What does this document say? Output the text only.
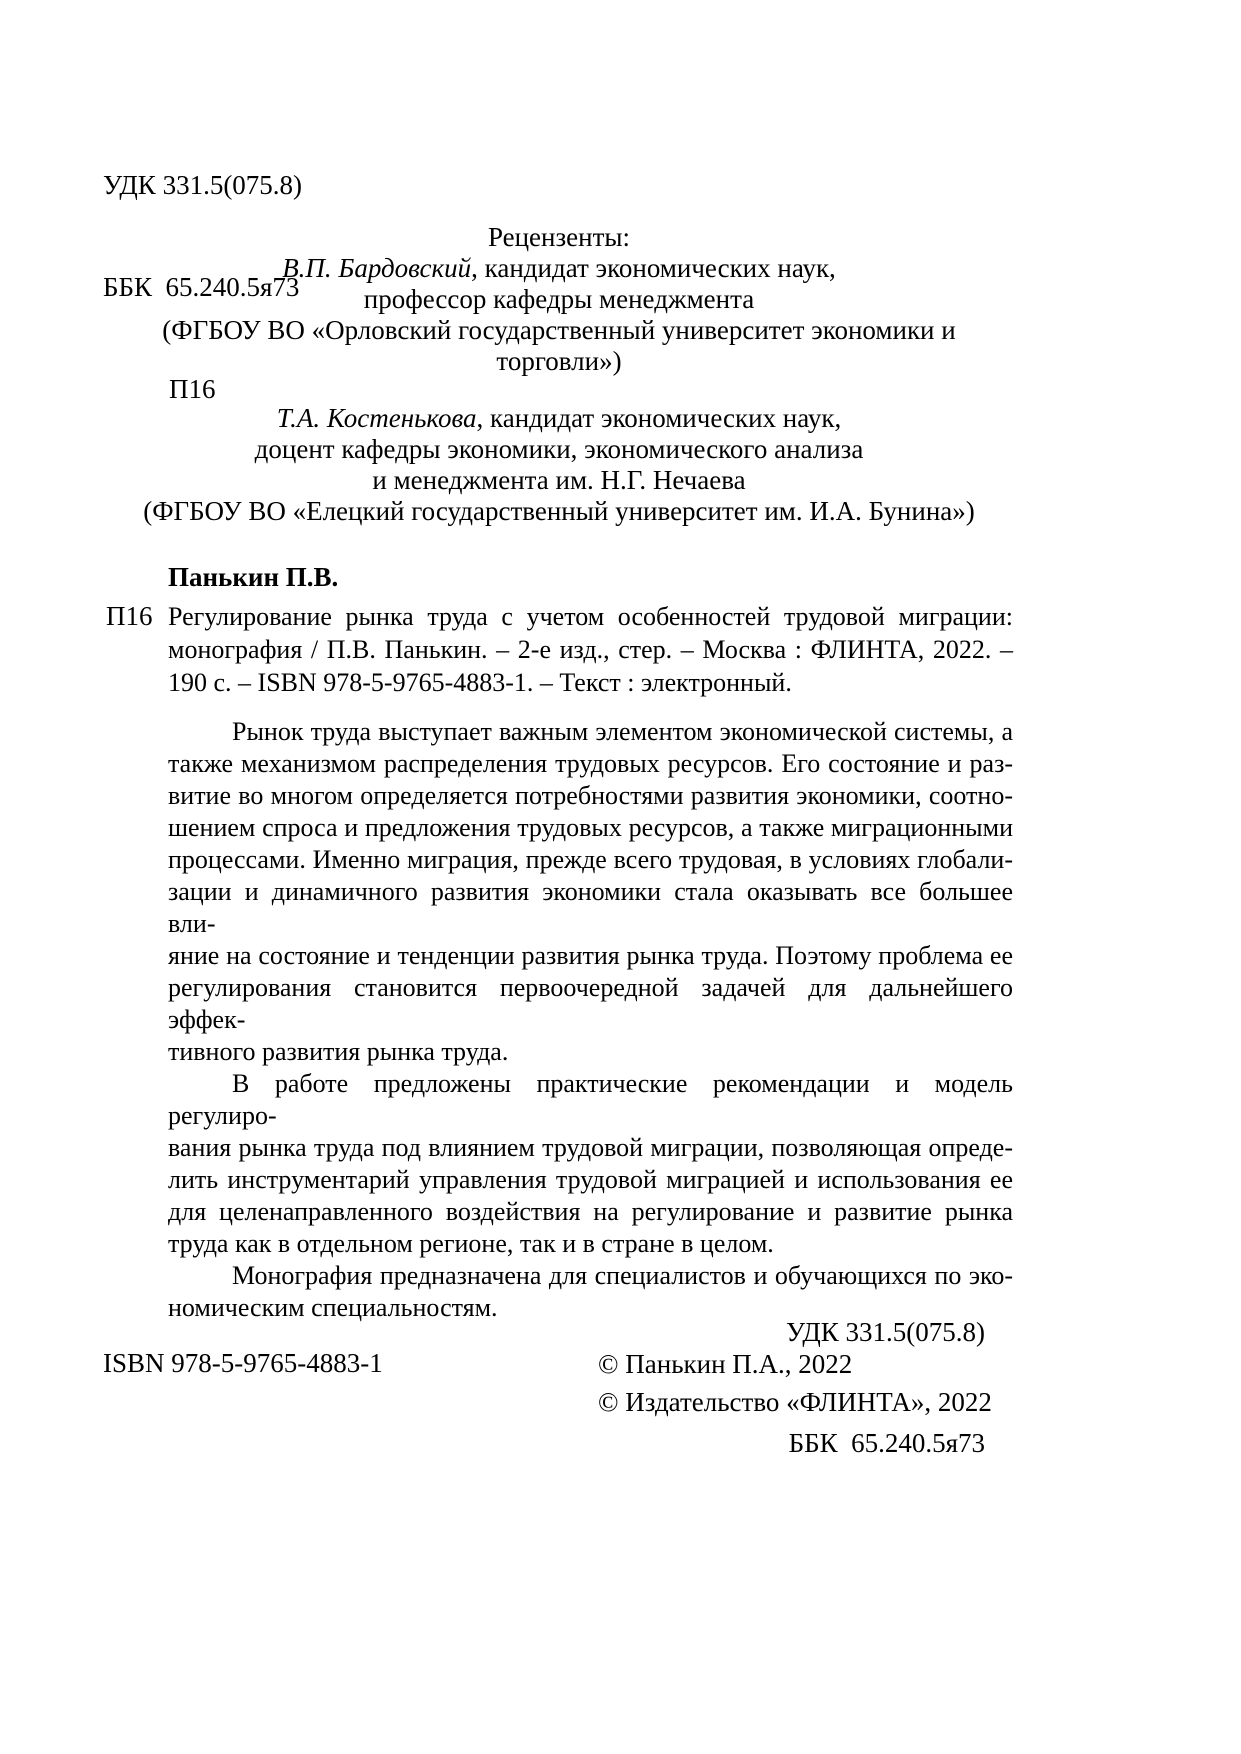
УДК 331.5(075.8)

ББК  65.240.5я73

П16

Рецензенты:
В.П. Бардовский, кандидат экономических наук,
профессор кафедры менеджмента
(ФГБОУ ВО «Орловский государственный университет экономики и торговли»)
Т.А. Костенькова, кандидат экономических наук,
доцент кафедры экономики, экономического анализа
и менеджмента им. Н.Г. Нечаева
(ФГБОУ ВО «Елецкий государственный университет им. И.А. Бунина»)
Панькин П.В.
П16 Регулирование рынка труда с учетом особенностей трудовой миграции:
монография / П.В. Панькин. – 2-е изд., стер. – Москва : ФЛИНТА, 2022. –
190 с. – ISBN 978-5-9765-4883-1. – Текст : электронный.
Рынок труда выступает важным элементом экономической системы, а
также механизмом распределения трудовых ресурсов. Его состояние и раз-
витие во многом определяется потребностями развития экономики, соотно-
шением спроса и предложения трудовых ресурсов, а также миграционными
процессами. Именно миграция, прежде всего трудовая, в условиях глобали-
зации и динамичного развития экономики стала оказывать все большее вли-
яние на состояние и тенденции развития рынка труда. Поэтому проблема ее
регулирования становится первоочередной задачей для дальнейшего эффек-
тивного развития рынка труда.
В работе предложены практические рекомендации и модель регулиро-
вания рынка труда под влиянием трудовой миграции, позволяющая опреде-
лить инструментарий управления трудовой миграцией и использования ее
для целенаправленного воздействия на регулирование и развитие рынка
труда как в отдельном регионе, так и в стране в целом.
Монография предназначена для специалистов и обучающихся по эко-
номическим специальностям.

УДК 331.5(075.8)

ББК  65.240.5я73

ISBN 978-5-9765-4883-1	© Панькин П.А., 2022
© Издательство «ФЛИНТА», 2022
